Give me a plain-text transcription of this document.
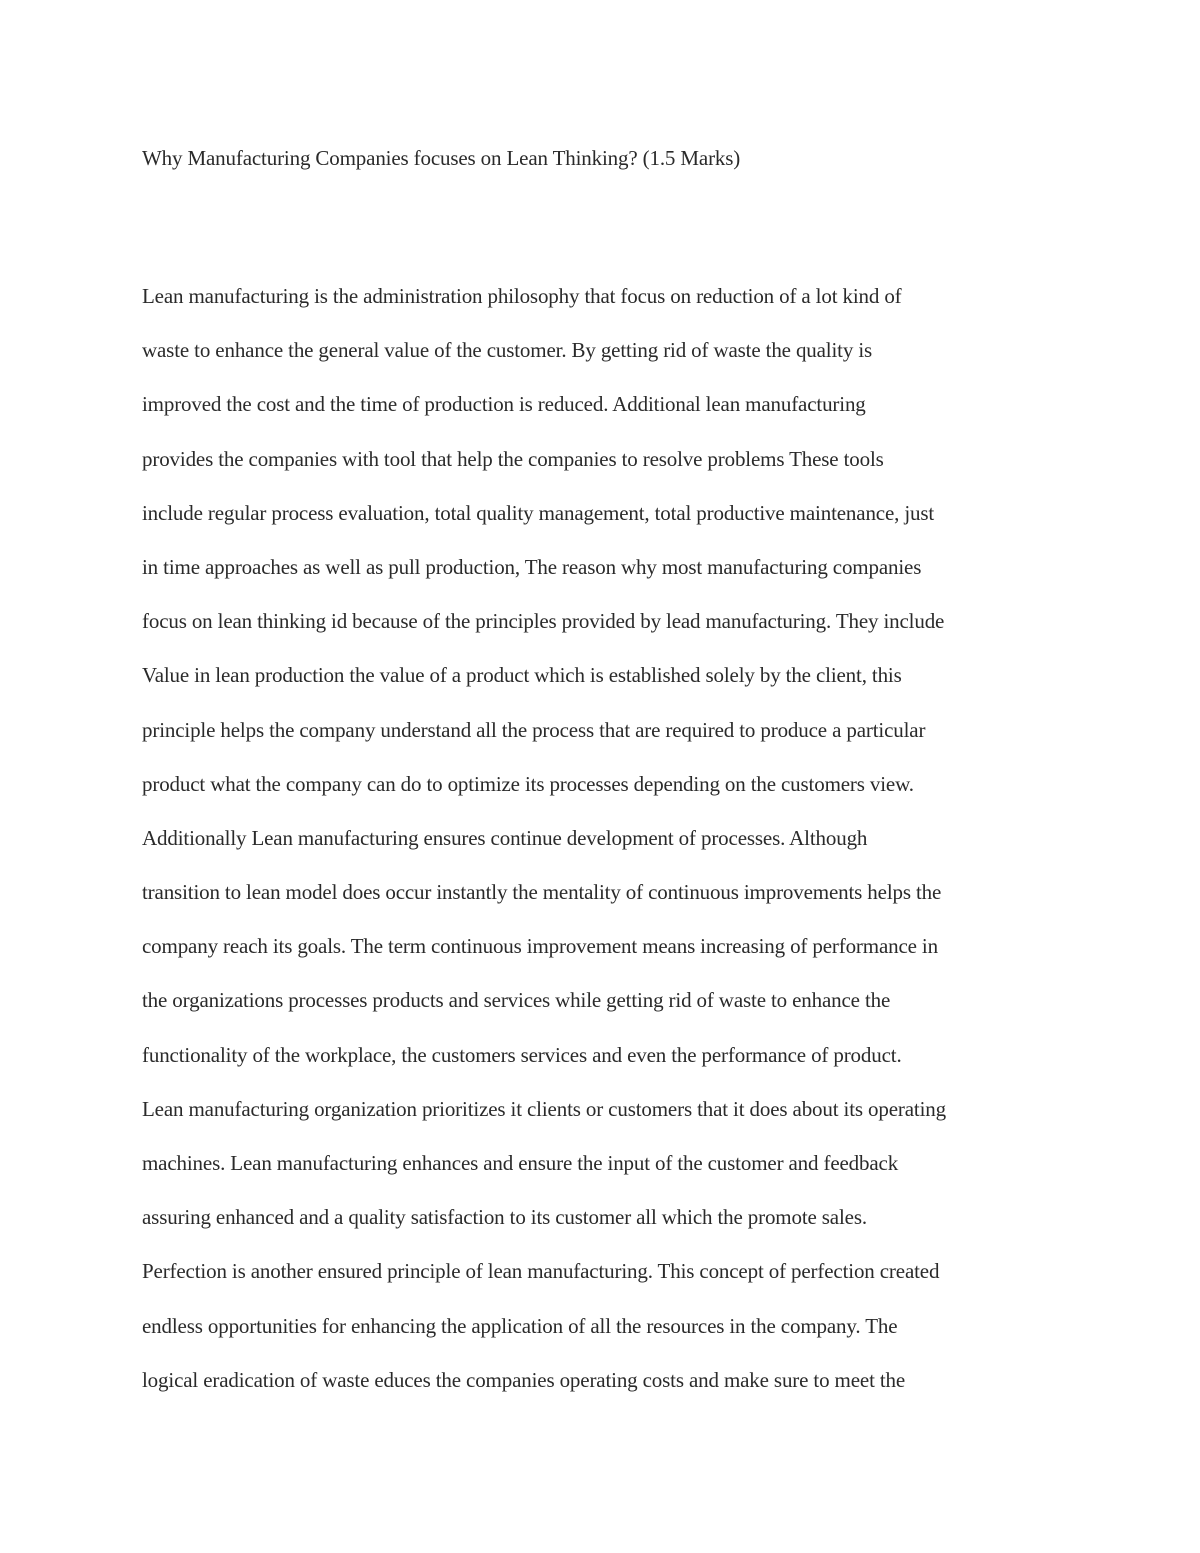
Why Manufacturing Companies focuses on Lean Thinking? (1.5 Marks)
Lean manufacturing is the administration philosophy that focus on reduction of a lot kind of
waste to enhance the general value of the customer. By getting rid of waste the quality is
improved the cost and the time of production is reduced. Additional lean manufacturing
provides the companies with tool that help the companies to resolve problems These tools
include regular process evaluation, total quality management, total productive maintenance, just
in time approaches as well as pull production, The reason why most manufacturing companies
focus on lean thinking id because of the principles provided by lead manufacturing. They include
Value in lean production the value of a product which is established solely by the client, this
principle helps the company understand all the process that are required to produce a particular
product what the company can do to optimize its processes depending on the customers view.
Additionally Lean manufacturing ensures continue development of processes. Although
transition to lean model does occur instantly the mentality of continuous improvements helps the
company reach its goals. The term continuous improvement means increasing of performance in
the organizations processes products and services while getting rid of waste to enhance the
functionality of the workplace, the customers services and even the performance of product.
Lean manufacturing organization prioritizes it clients or customers that it does about its operating
machines. Lean manufacturing enhances and ensure the input of the customer and feedback
assuring enhanced and a quality satisfaction to its customer all which the promote sales.
Perfection is another ensured principle of lean manufacturing. This concept of perfection created
endless opportunities for enhancing the application of all the resources in the company. The
logical eradication of waste educes the companies operating costs and make sure to meet the
